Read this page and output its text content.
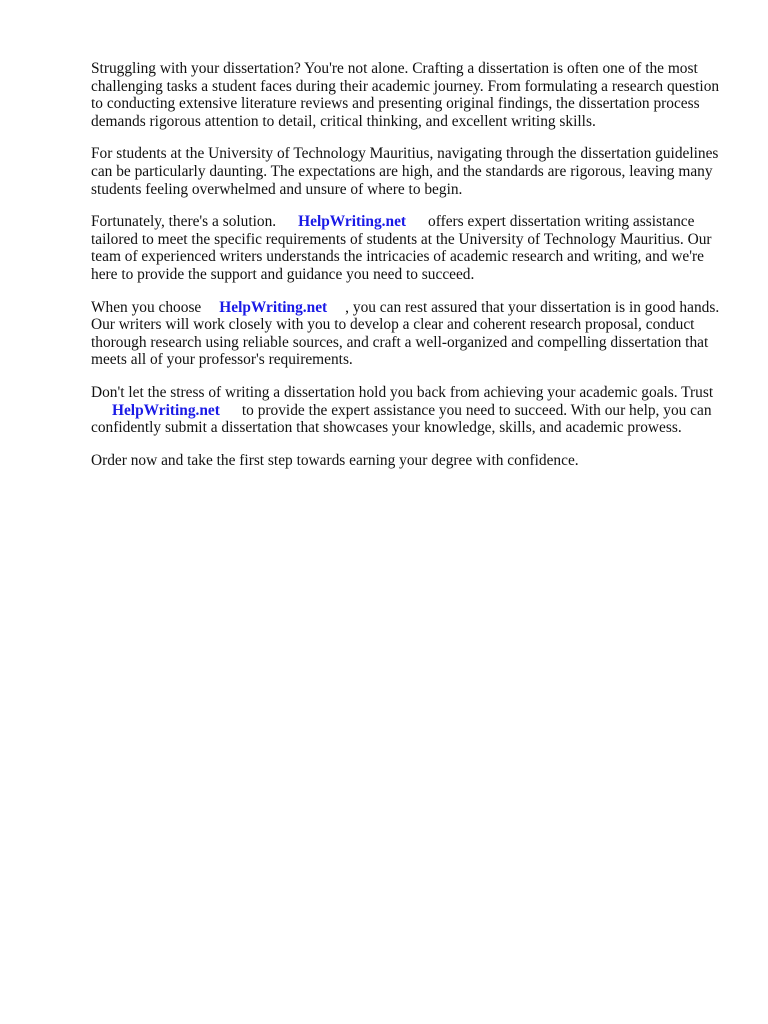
Struggling with your dissertation? You're not alone. Crafting a dissertation is often one of the most challenging tasks a student faces during their academic journey. From formulating a research question to conducting extensive literature reviews and presenting original findings, the dissertation process demands rigorous attention to detail, critical thinking, and excellent writing skills.

For students at the University of Technology Mauritius, navigating through the dissertation guidelines can be particularly daunting. The expectations are high, and the standards are rigorous, leaving many students feeling overwhelmed and unsure of where to begin.

Fortunately, there's a solution. HelpWriting.net offers expert dissertation writing assistance tailored to meet the specific requirements of students at the University of Technology Mauritius. Our team of experienced writers understands the intricacies of academic research and writing, and we're here to provide the support and guidance you need to succeed.

When you choose HelpWriting.net , you can rest assured that your dissertation is in good hands. Our writers will work closely with you to develop a clear and coherent research proposal, conduct thorough research using reliable sources, and craft a well-organized and compelling dissertation that meets all of your professor's requirements.

Don't let the stress of writing a dissertation hold you back from achieving your academic goals. Trust
HelpWriting.net to provide the expert assistance you need to succeed. With our help, you can confidently submit a dissertation that showcases your knowledge, skills, and academic prowess.

Order now and take the first step towards earning your degree with confidence.
